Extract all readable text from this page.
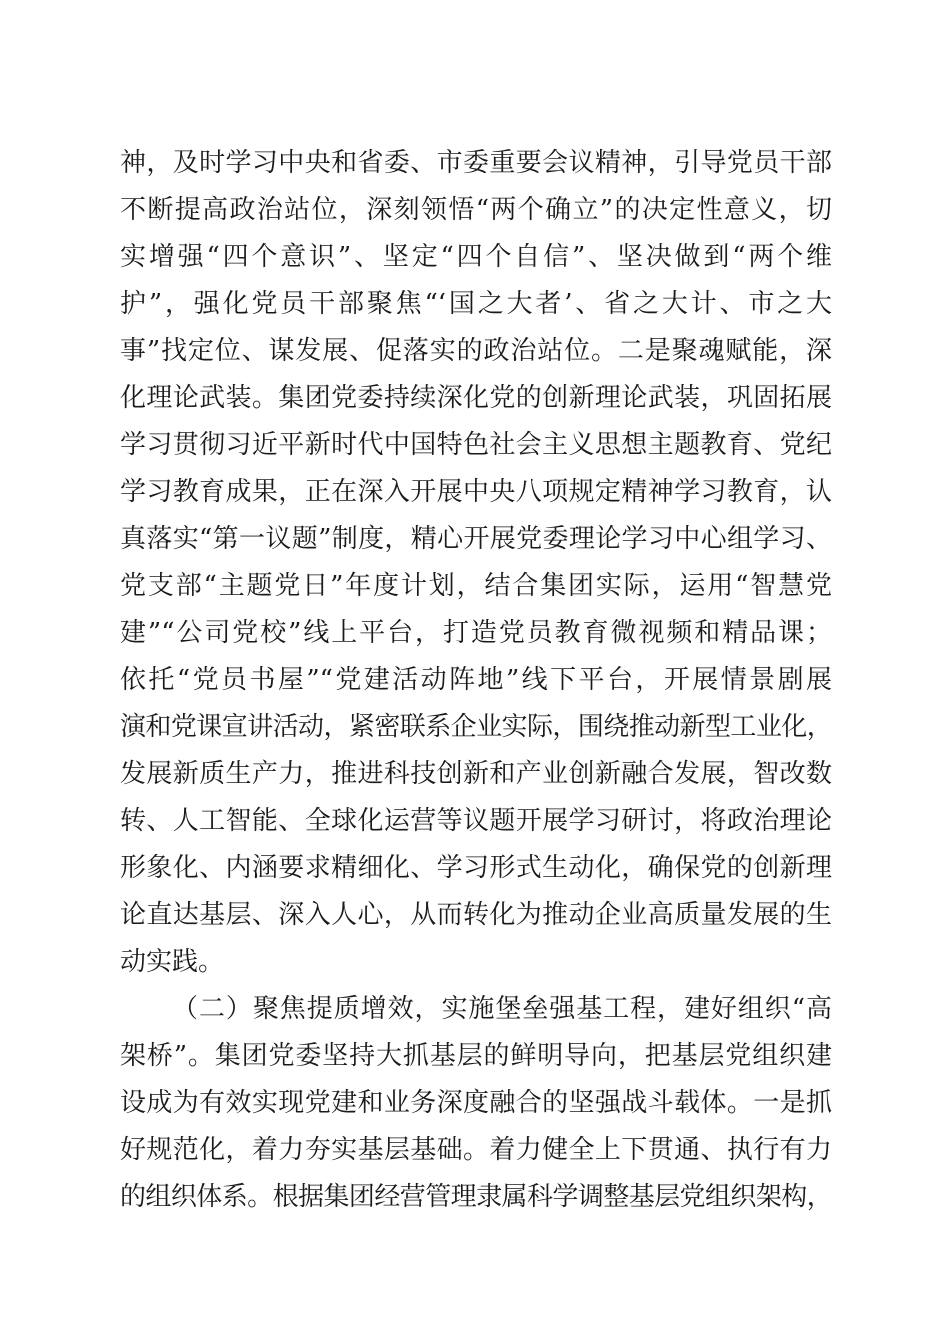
神，及时学习中央和省委、市委重要会议精神，引导党员干部
不断提高政治站位，深刻领悟“两个确立”的决定性意义，切
实增强“四个意识”、坚定“四个自信”、坚决做到“两个维
护”，强化党员干部聚焦“‘国之大者’、省之大计、市之大
事”找定位、谋发展、促落实的政治站位。二是聚魂赋能，深
化理论武装。集团党委持续深化党的创新理论武装，巩固拓展
学习贯彻习近平新时代中国特色社会主义思想主题教育、党纪
学习教育成果，正在深入开展中央八项规定精神学习教育，认
真落实“第一议题”制度，精心开展党委理论学习中心组学习、
党支部“主题党日”年度计划，结合集团实际，运用“智慧党
建”“公司党校”线上平台，打造党员教育微视频和精品课；
依托“党员书屋”“党建活动阵地”线下平台，开展情景剧展
演和党课宣讲活动，紧密联系企业实际，围绕推动新型工业化，
发展新质生产力，推进科技创新和产业创新融合发展，智改数
转、人工智能、全球化运营等议题开展学习研讨，将政治理论
形象化、内涵要求精细化、学习形式生动化，确保党的创新理
论直达基层、深入人心，从而转化为推动企业高质量发展的生
动实践。
（二）聚焦提质增效，实施堡垒强基工程，建好组织“高
架桥”。集团党委坚持大抓基层的鲜明导向，把基层党组织建
设成为有效实现党建和业务深度融合的坚强战斗载体。一是抓
好规范化，着力夯实基层基础。着力健全上下贯通、执行有力
的组织体系。根据集团经营管理隶属科学调整基层党组织架构，
